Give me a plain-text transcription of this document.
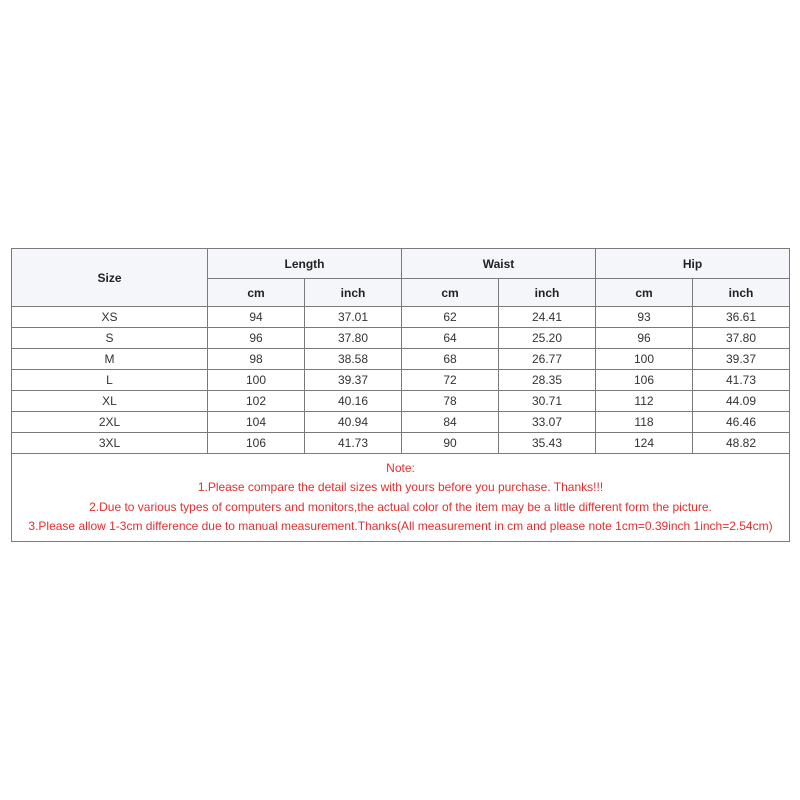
Size	Length		Waist		Hip	
	cm	inch	cm	inch	cm	inch
XS	94	37.01	62	24.41	93	36.61
S	96	37.80	64	25.20	96	37.80
M	98	38.58	68	26.77	100	39.37
L	100	39.37	72	28.35	106	41.73
XL	102	40.16	78	30.71	112	44.09
2XL	104	40.94	84	33.07	118	46.46
3XL	106	41.73	90	35.43	124	48.82

Note:
1.Please compare the detail sizes with yours before you purchase. Thanks!!!
2.Due to various types of computers and monitors,the actual color of the item may be a little different form the picture.
3.Please allow 1-3cm difference due to manual measurement.Thanks(All measurement in cm and please note 1cm=0.39inch 1inch=2.54cm)						
